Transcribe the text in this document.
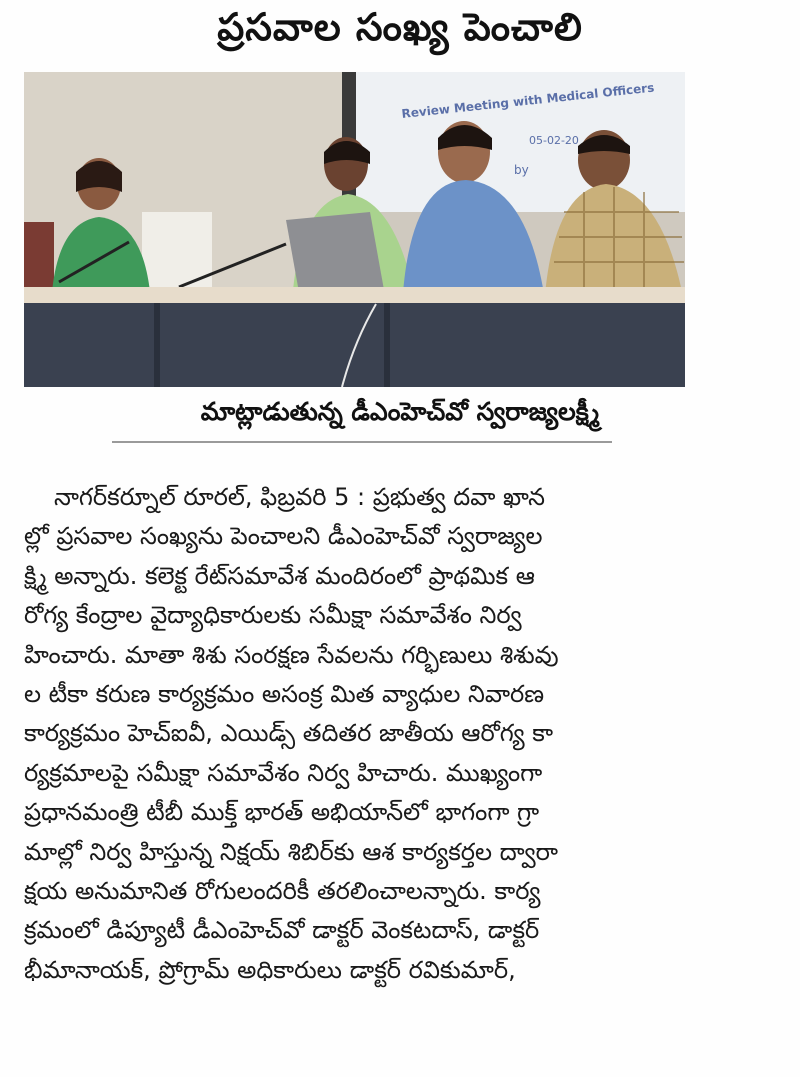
ప్రసవాల సంఖ్య పెంచాలి
Review Meeting with Medical Officers
05-02-20
by
మాట్లాడుతున్న డీఎంహెచ్‌వో స్వరాజ్యలక్ష్మీ
నాగర్‌కర్నూల్ రూరల్, ఫిబ్రవరి 5 : ప్రభుత్వ దవా ఖాన
ల్లో ప్రసవాల సంఖ్యను పెంచాలని డీఎంహెచ్‌వో స్వరాజ్యల
క్ష్మి అన్నారు. కలెక్ట రేట్‌సమావేశ మందిరంలో ప్రాథమిక ఆ
రోగ్య కేంద్రాల వైద్యాధికారులకు సమీక్షా సమావేశం నిర్వ
హించారు. మాతా శిశు సంరక్షణ సేవలను గర్భిణులు శిశువు
ల టీకా కరుణ కార్యక్రమం అసంక్ర మిత వ్యాధుల నివారణ
కార్యక్రమం హెచ్‌ఐవీ, ఎయిడ్స్ తదితర జాతీయ ఆరోగ్య కా
ర్యక్రమాలపై సమీక్షా సమావేశం నిర్వ హిచారు. ముఖ్యంగా
ప్రధానమంత్రి టీబీ ముక్త్ భారత్‌ అభియాన్‌లో భాగంగా గ్రా
మాల్లో నిర్వ హిస్తున్న నిక్షయ్ శిబిర్‌కు ఆశ కార్యకర్తల ద్వారా
క్షయ అనుమానిత రోగులందరికీ తరలించాలన్నారు. కార్య
క్రమంలో డిప్యూటీ డీఎంహెచ్‌వో డాక్టర్ వెంకటదాస్, డాక్టర్
భీమానాయక్, ప్రోగ్రామ్ అధికారులు డాక్టర్ రవికుమార్,
